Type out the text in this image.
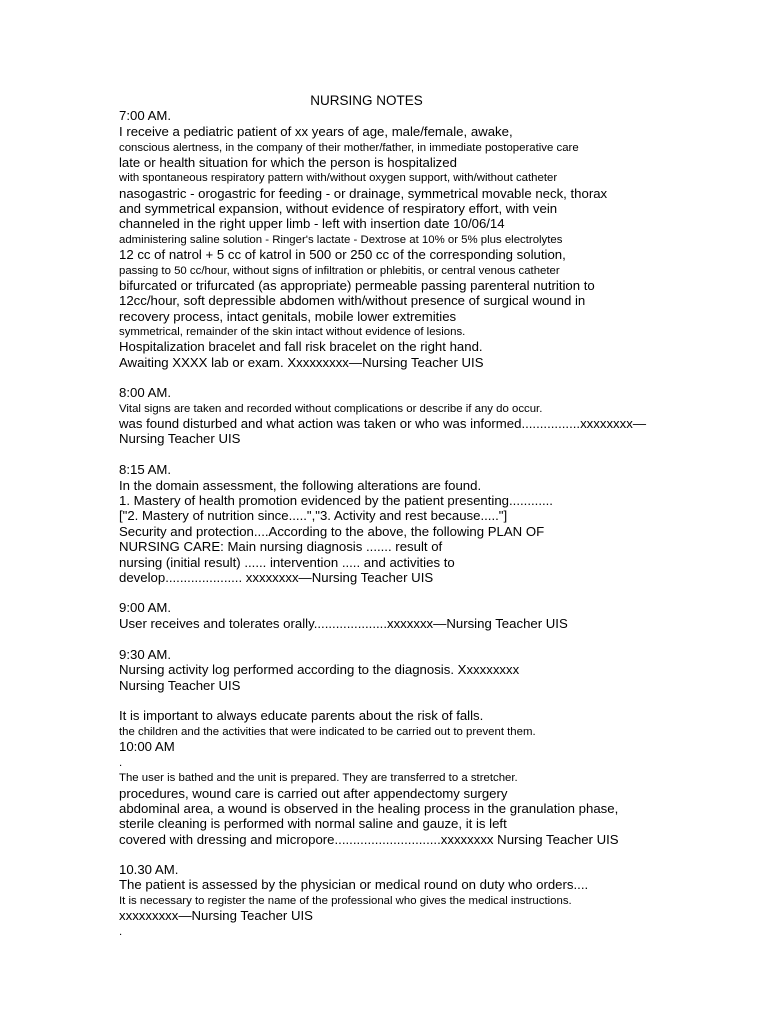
NURSING NOTES
7:00 AM.
I receive a pediatric patient of xx years of age, male/female, awake,
conscious alertness, in the company of their mother/father, in immediate postoperative care
late or health situation for which the person is hospitalized
with spontaneous respiratory pattern with/without oxygen support, with/without catheter
nasogastric - orogastric for feeding - or drainage, symmetrical movable neck, thorax
and symmetrical expansion, without evidence of respiratory effort, with vein
channeled in the right upper limb - left with insertion date 10/06/14
administering saline solution - Ringer's lactate - Dextrose at 10% or 5% plus electrolytes
12 cc of natrol + 5 cc of katrol in 500 or 250 cc of the corresponding solution,
passing to 50 cc/hour, without signs of infiltration or phlebitis, or central venous catheter
bifurcated or trifurcated (as appropriate) permeable passing parenteral nutrition to
12cc/hour, soft depressible abdomen with/without presence of surgical wound in
recovery process, intact genitals, mobile lower extremities
symmetrical, remainder of the skin intact without evidence of lesions.
Hospitalization bracelet and fall risk bracelet on the right hand.
Awaiting XXXX lab or exam. Xxxxxxxxx—Nursing Teacher UIS
8:00 AM.
Vital signs are taken and recorded without complications or describe if any do occur.
was found disturbed and what action was taken or who was informed................xxxxxxxx—
Nursing Teacher UIS
8:15 AM.
In the domain assessment, the following alterations are found.
1. Mastery of health promotion evidenced by the patient presenting............
["2. Mastery of nutrition since.....","3. Activity and rest because....."]
Security and protection....According to the above, the following PLAN OF
NURSING CARE: Main nursing diagnosis ....... result of
nursing (initial result) ...... intervention ..... and activities to
develop..................... xxxxxxxx—Nursing Teacher UIS
9:00 AM.
User receives and tolerates orally....................xxxxxxx—Nursing Teacher UIS
9:30 AM.
Nursing activity log performed according to the diagnosis. Xxxxxxxxx
Nursing Teacher UIS
It is important to always educate parents about the risk of falls.
the children and the activities that were indicated to be carried out to prevent them.
10:00 AM
.
The user is bathed and the unit is prepared. They are transferred to a stretcher.
procedures, wound care is carried out after appendectomy surgery
abdominal area, a wound is observed in the healing process in the granulation phase,
sterile cleaning is performed with normal saline and gauze, it is left
covered with dressing and micropore.............................xxxxxxxx Nursing Teacher UIS
10.30 AM.
The patient is assessed by the physician or medical round on duty who orders....
It is necessary to register the name of the professional who gives the medical instructions.
xxxxxxxxx—Nursing Teacher UIS
.
